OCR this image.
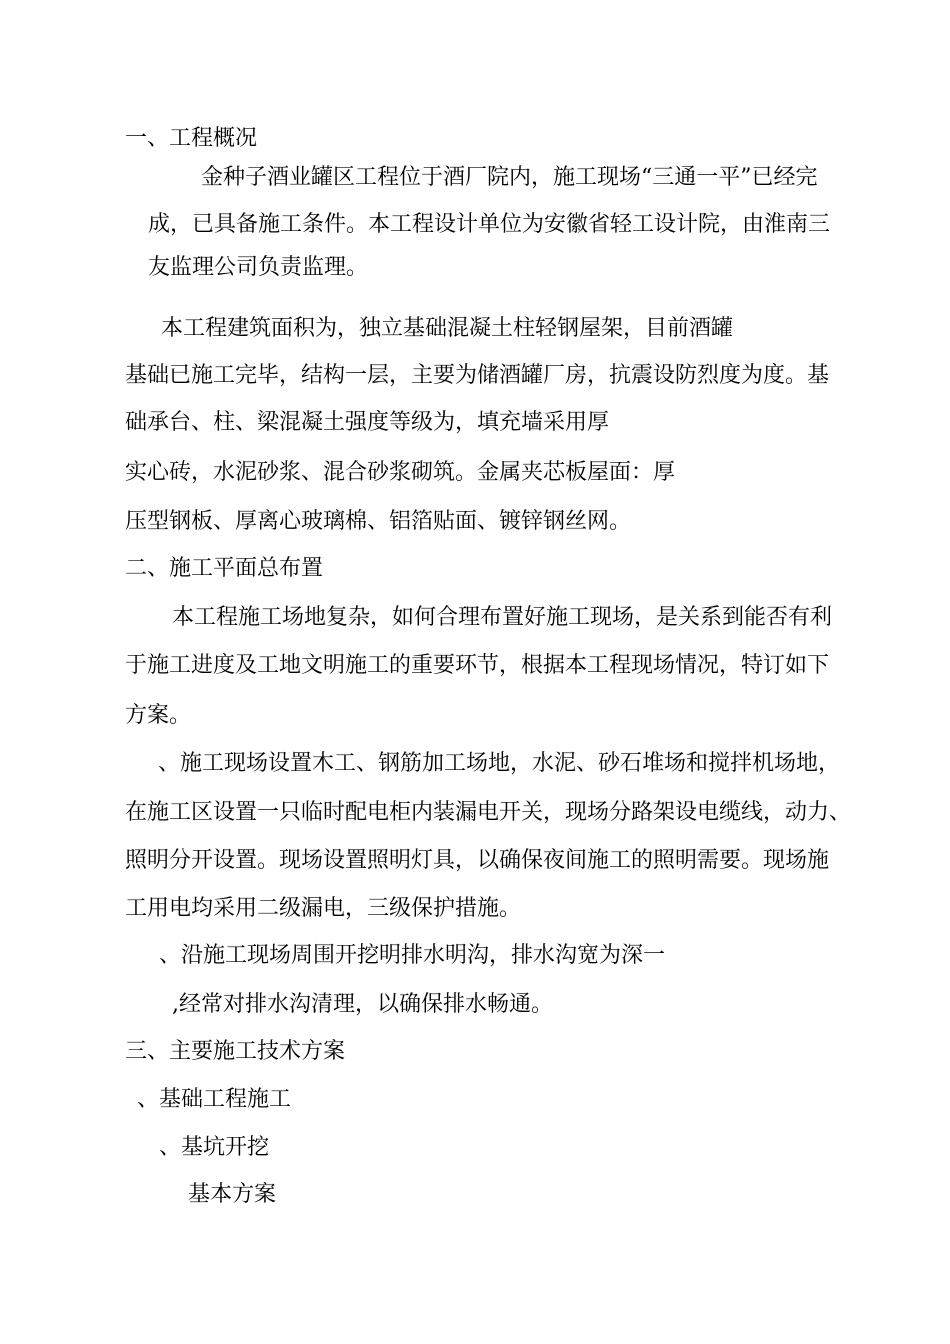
一、工程概况

金种子酒业罐区工程位于酒厂院内，施工现场“三通一平”已经完

成，已具备施工条件。本工程设计单位为安徽省轻工设计院，由淮南三

友监理公司负责监理。

本工程建筑面积为，独立基础混凝土柱轻钢屋架，目前酒罐

基础已施工完毕，结构一层，主要为储酒罐厂房，抗震设防烈度为度。基

础承台、柱、梁混凝土强度等级为，填充墙采用厚

实心砖，水泥砂浆、混合砂浆砌筑。金属夹芯板屋面：厚

压型钢板、厚离心玻璃棉、铝箔贴面、镀锌钢丝网。

二、施工平面总布置

本工程施工场地复杂，如何合理布置好施工现场，是关系到能否有利

于施工进度及工地文明施工的重要环节，根据本工程现场情况，特订如下

方案。

、施工现场设置木工、钢筋加工场地，水泥、砂石堆场和搅拌机场地，

在施工区设置一只临时配电柜内装漏电开关，现场分路架设电缆线，动力、

照明分开设置。现场设置照明灯具，以确保夜间施工的照明需要。现场施

工用电均采用二级漏电，三级保护措施。

、沿施工现场周围开挖明排水明沟，排水沟宽为深一

,经常对排水沟清理，以确保排水畅通。

三、主要施工技术方案

、基础工程施工

、基坑开挖

基本方案
